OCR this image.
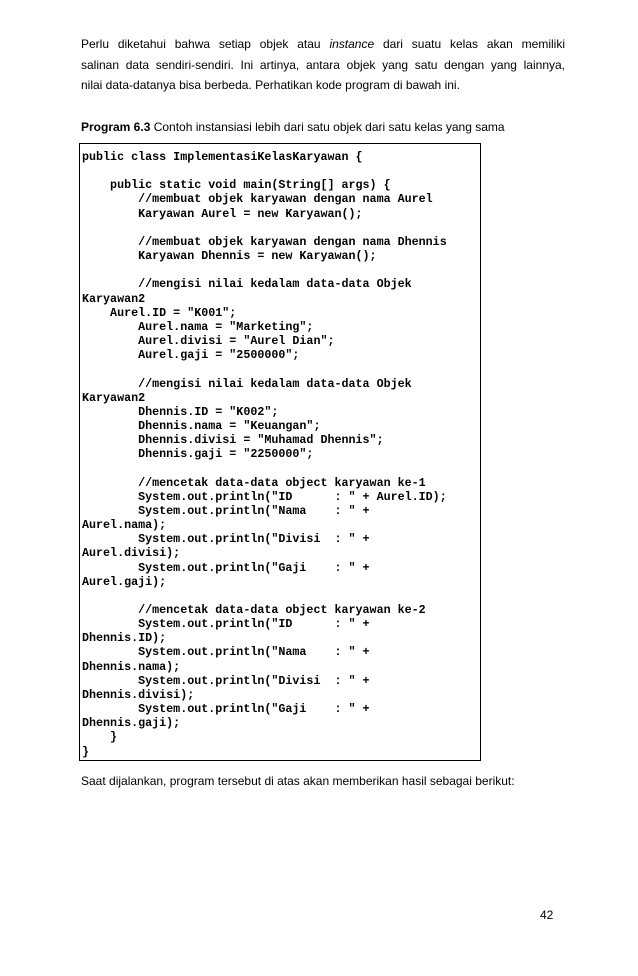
Perlu diketahui bahwa setiap objek atau instance dari suatu kelas akan memiliki
salinan data sendiri-sendiri. Ini artinya, antara objek yang satu dengan yang lainnya,
nilai data-datanya bisa berbeda. Perhatikan kode program di bawah ini.
Program 6.3 Contoh instansiasi lebih dari satu objek dari satu kelas yang sama
public class ImplementasiKelasKaryawan {

public static void main(String[] args) {
//membuat objek karyawan dengan nama Aurel
Karyawan Aurel = new Karyawan();

//membuat objek karyawan dengan nama Dhennis
Karyawan Dhennis = new Karyawan();

//mengisi nilai kedalam data-data Objek
Karyawan2
Aurel.ID = "K001";
Aurel.nama = "Marketing";
Aurel.divisi = "Aurel Dian";
Aurel.gaji = "2500000";

//mengisi nilai kedalam data-data Objek
Karyawan2
Dhennis.ID = "K002";
Dhennis.nama = "Keuangan";
Dhennis.divisi = "Muhamad Dhennis";
Dhennis.gaji = "2250000";

//mencetak data-data object karyawan ke-1
System.out.println("ID      : " + Aurel.ID);
System.out.println("Nama    : " +
Aurel.nama);
System.out.println("Divisi  : " +
Aurel.divisi);
System.out.println("Gaji    : " +
Aurel.gaji);

//mencetak data-data object karyawan ke-2
System.out.println("ID      : " +
Dhennis.ID);
System.out.println("Nama    : " +
Dhennis.nama);
System.out.println("Divisi  : " +
Dhennis.divisi);
System.out.println("Gaji    : " +
Dhennis.gaji);
}
}
Saat dijalankan, program tersebut di atas akan memberikan hasil sebagai berikut:
42
